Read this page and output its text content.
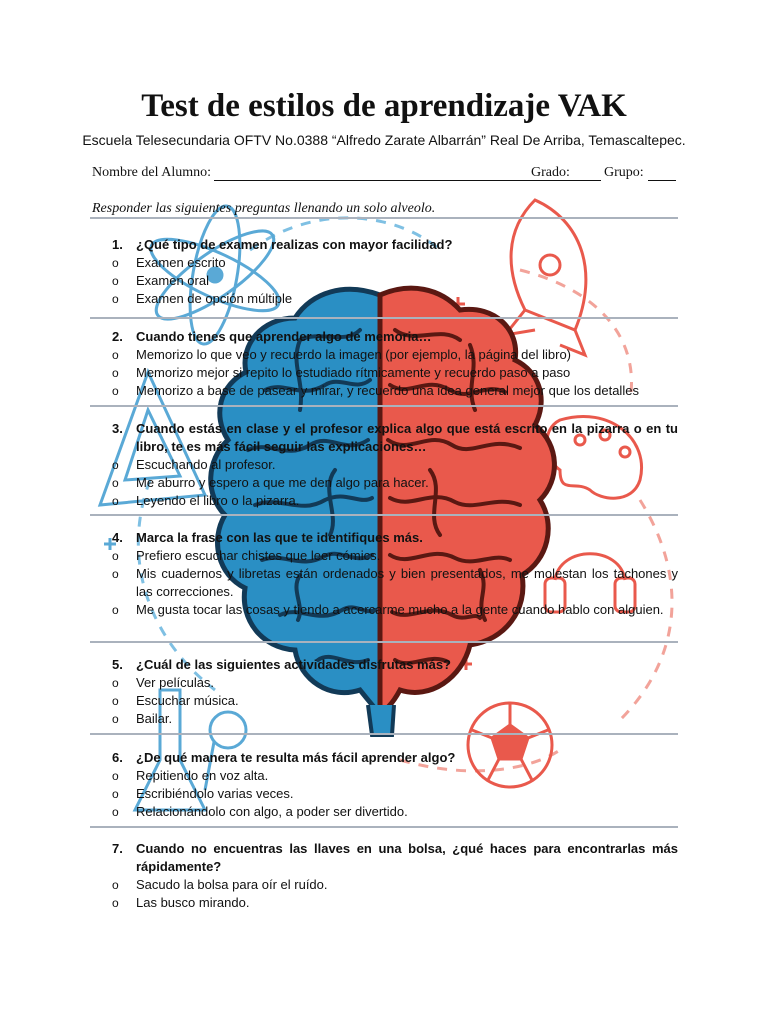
Test de estilos de aprendizaje VAK
Escuela Telesecundaria OFTV No.0388 “Alfredo Zarate Albarrán” Real De Arriba, Temascaltepec.
Nombre del Alumno:	Grado: Grupo:
Responder las siguientes preguntas llenando un solo alveolo.
1. ¿Qué tipo de examen realizas con mayor facilidad?
o Examen escrito
o Examen oral
o Examen de opción múltiple
2. Cuando tienes que aprender algo de memoria…
o Memorizo lo que veo y recuerdo la imagen (por ejemplo, la página del libro)
o Memorizo mejor si repito lo estudiado rítmicamente y recuerdo paso a paso
o Memorizo a base de pasear y mirar, y recuerdo una idea general mejor que los detalles
3. Cuando estás en clase y el profesor explica algo que está escrito en la pizarra o en tu libro, te es más fácil seguir las explicaciones…
o Escuchando al profesor.
o Me aburro y espero a que me den algo para hacer.
o Leyendo el libro o la pizarra.
4. Marca la frase con las que te identifiques más.
o Prefiero escuchar chistes que leer cómics.
o Mis cuadernos y libretas están ordenados y bien presentados, me molestan los tachones y las correcciones.
o Me gusta tocar las cosas y tiendo a acercarme mucho a la gente cuando hablo con alguien.
5. ¿Cuál de las siguientes actividades disfrutas más?
o Ver películas.
o Escuchar música.
o Bailar.
6. ¿De qué manera te resulta más fácil aprender algo?
o Repitiendo en voz alta.
o Escribiéndolo varias veces.
o Relacionándolo con algo, a poder ser divertido.
7. Cuando no encuentras las llaves en una bolsa, ¿qué haces para encontrarlas más rápidamente?
o Sacudo la bolsa para oír el ruído.
o Las busco mirando.
